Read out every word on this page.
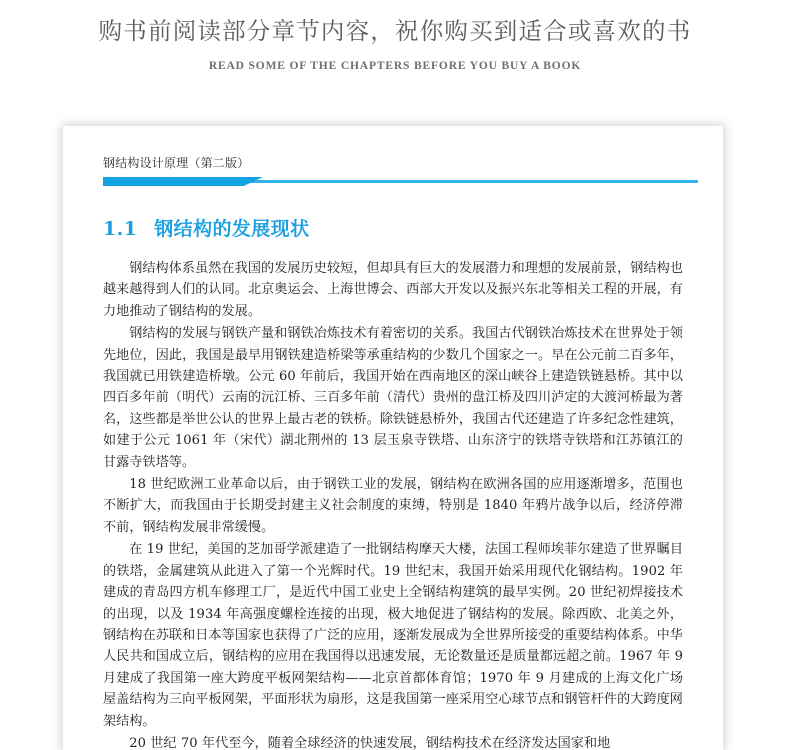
购书前阅读部分章节内容，祝你购买到适合或喜欢的书
READ SOME OF THE CHAPTERS BEFORE YOU BUY A BOOK
钢结构设计原理（第二版）
1.1 钢结构的发展现状

钢结构体系虽然在我国的发展历史较短，但却具有巨大的发展潜力和理想的发展前景，钢结构也越来越得到人们的认同。北京奥运会、上海世博会、西部大开发以及振兴东北等相关工程的开展，有力地推动了钢结构的发展。

钢结构的发展与钢铁产量和钢铁冶炼技术有着密切的关系。我国古代钢铁冶炼技术在世界处于领先地位，因此，我国是最早用钢铁建造桥梁等承重结构的少数几个国家之一。早在公元前二百多年，我国就已用铁建造桥墩。公元 60 年前后，我国开始在西南地区的深山峡谷上建造铁链悬桥。其中以四百多年前（明代）云南的沅江桥、三百多年前（清代）贵州的盘江桥及四川泸定的大渡河桥最为著名，这些都是举世公认的世界上最古老的铁桥。除铁链悬桥外，我国古代还建造了许多纪念性建筑，如建于公元 1061 年（宋代）湖北荆州的 13 层玉泉寺铁塔、山东济宁的铁塔寺铁塔和江苏镇江的甘露寺铁塔等。

18 世纪欧洲工业革命以后，由于钢铁工业的发展，钢结构在欧洲各国的应用逐渐增多，范围也不断扩大，而我国由于长期受封建主义社会制度的束缚，特别是 1840 年鸦片战争以后，经济停滞不前，钢结构发展非常缓慢。

在 19 世纪，美国的芝加哥学派建造了一批钢结构摩天大楼，法国工程师埃菲尔建造了世界瞩目的铁塔，金属建筑从此进入了第一个光辉时代。19 世纪末，我国开始采用现代化钢结构。1902 年建成的青岛四方机车修理工厂，是近代中国工业史上全钢结构建筑的最早实例。20 世纪初焊接技术的出现，以及 1934 年高强度螺栓连接的出现，极大地促进了钢结构的发展。除西欧、北美之外，钢结构在苏联和日本等国家也获得了广泛的应用，逐渐发展成为全世界所接受的重要结构体系。中华人民共和国成立后，钢结构的应用在我国得以迅速发展，无论数量还是质量都远超之前。1967 年 9 月建成了我国第一座大跨度平板网架结构——北京首都体育馆；1970 年 9 月建成的上海文化广场屋盖结构为三向平板网架，平面形状为扇形，这是我国第一座采用空心球节点和钢管杆件的大跨度网架结构。

20 世纪 70 年代至今，随着全球经济的快速发展，钢结构技术在经济发达国家和地
